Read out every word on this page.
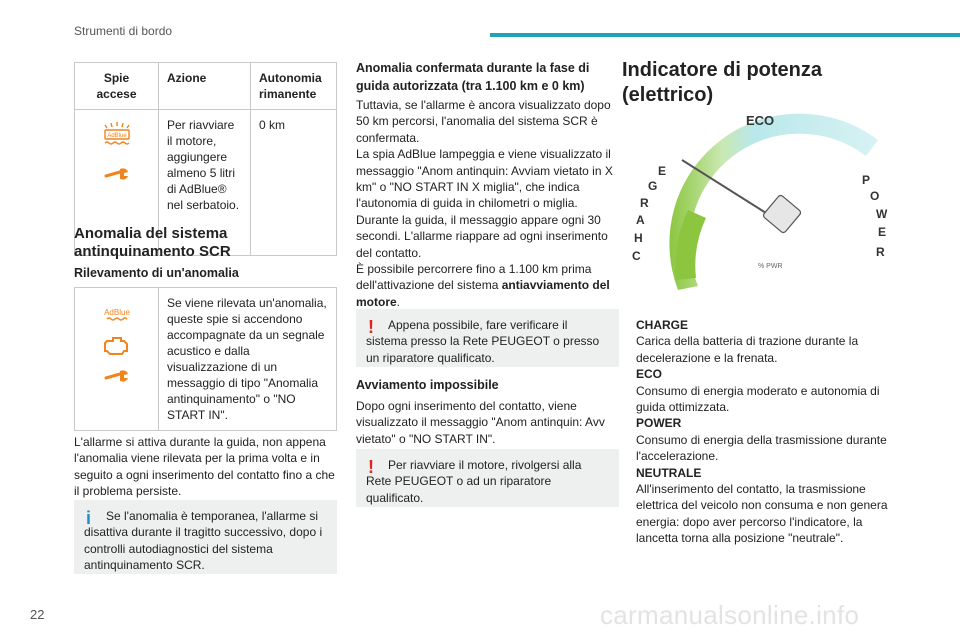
Strumenti di bordo
Spie accese	Azione	Autonomia rimanente

AdBlue	Per riavviare il motore, aggiungere almeno 5 litri di AdBlue® nel serbatoio.	0 km
Anomalia del sistema antinquinamento SCR
Rilevamento di un'anomalia
AdBlue
	Se viene rilevata un'anomalia, queste spie si accendono accompagnate da un segnale acustico e dalla visualizzazione di un messaggio di tipo "Anomalia antinquinamento" o "NO START IN".
L'allarme si attiva durante la guida, non appena l'anomalia viene rilevata per la prima volta e in seguito a ogni inserimento del contatto fino a che il problema persiste.
i	Se l'anomalia è temporanea, l'allarme si disattiva durante il tragitto successivo, dopo i controlli autodiagnostici del sistema antinquinamento SCR.
Anomalia confermata durante la fase di guida autorizzata (tra 1.100 km e 0 km)
Tuttavia, se l'allarme è ancora visualizzato dopo 50 km percorsi, l'anomalia del sistema SCR è confermata.
La spia AdBlue lampeggia e viene visualizzato il messaggio "Anom antinquin: Avviam vietato in X km" o "NO START IN X miglia", che indica l'autonomia di guida in chilometri o miglia.
Durante la guida, il messaggio appare ogni 30 secondi. L'allarme riappare ad ogni inserimento del contatto.
È possibile percorrere fino a 1.100 km prima dell'attivazione del sistema antiavviamento del motore.
!	Appena possibile, fare verificare il sistema presso la Rete PEUGEOT o presso un riparatore qualificato.
Avviamento impossibile
Dopo ogni inserimento del contatto, viene visualizzato il messaggio "Anom antinquin: Avv vietato" o "NO START IN".
!	Per riavviare il motore, rivolgersi alla Rete PEUGEOT o ad un riparatore qualificato.
Indicatore di potenza (elettrico)
ECO
C
H
A
R
G
E
P
O
W
E
R
% PWR
CHARGE
Carica della batteria di trazione durante la decelerazione e la frenata.
ECO
Consumo di energia moderato e autonomia di guida ottimizzata.
POWER
Consumo di energia della trasmissione durante l'accelerazione.
NEUTRALE
All'inserimento del contatto, la trasmissione elettrica del veicolo non consuma e non genera energia: dopo aver percorso l'indicatore, la lancetta torna alla posizione "neutrale".
22	carmanualsonline.info
